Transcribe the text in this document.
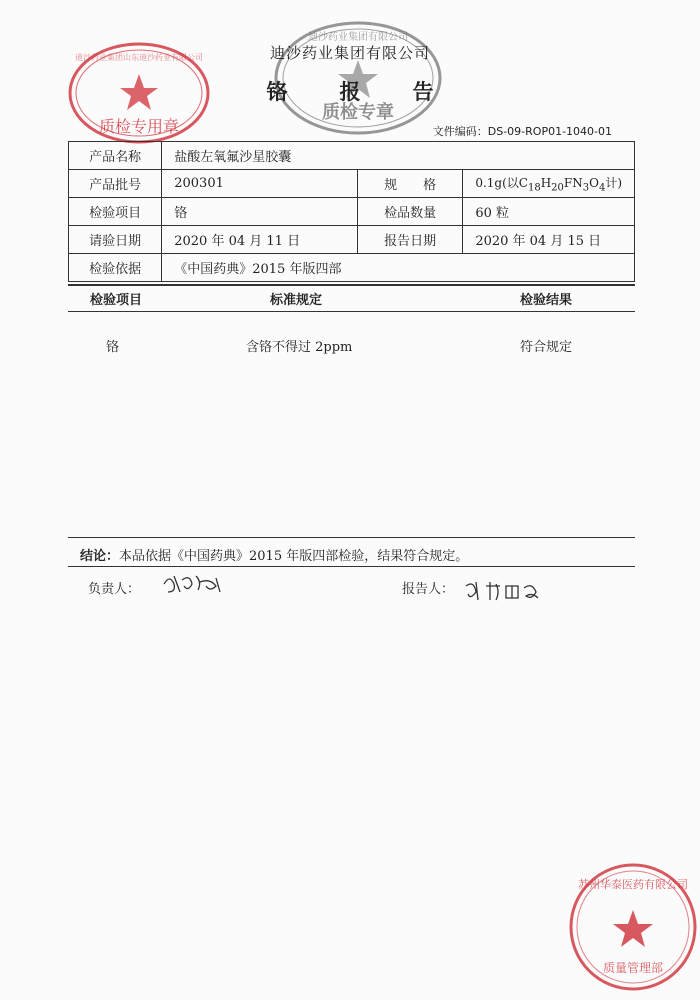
质检专用章
迪沙药业集团山东迪沙药业有限公司
质检专章
迪沙药业集团有限公司
苏州华泰医药有限公司
质量管理部
迪沙药业集团有限公司
铬 报 告
文件编码：DS-09-ROP01-1040-01
产品名称	盐酸左氧氟沙星胶囊		
产品批号	200301	规　　格	0.1g(以$C_{18}H_{20}FN_3O_4$计)
检验项目	铬	检品数量	60 粒
请验日期	2020 年 04 月 11 日	报告日期	2020 年 04 月 15 日
检验依据	《中国药典》2015 年版四部		
检验项目	标准规定	检验结果
铬	含铬不得过 2ppm	符合规定
结论：本品依据《中国药典》2015 年版四部检验，结果符合规定。
负责人：	报告人：
